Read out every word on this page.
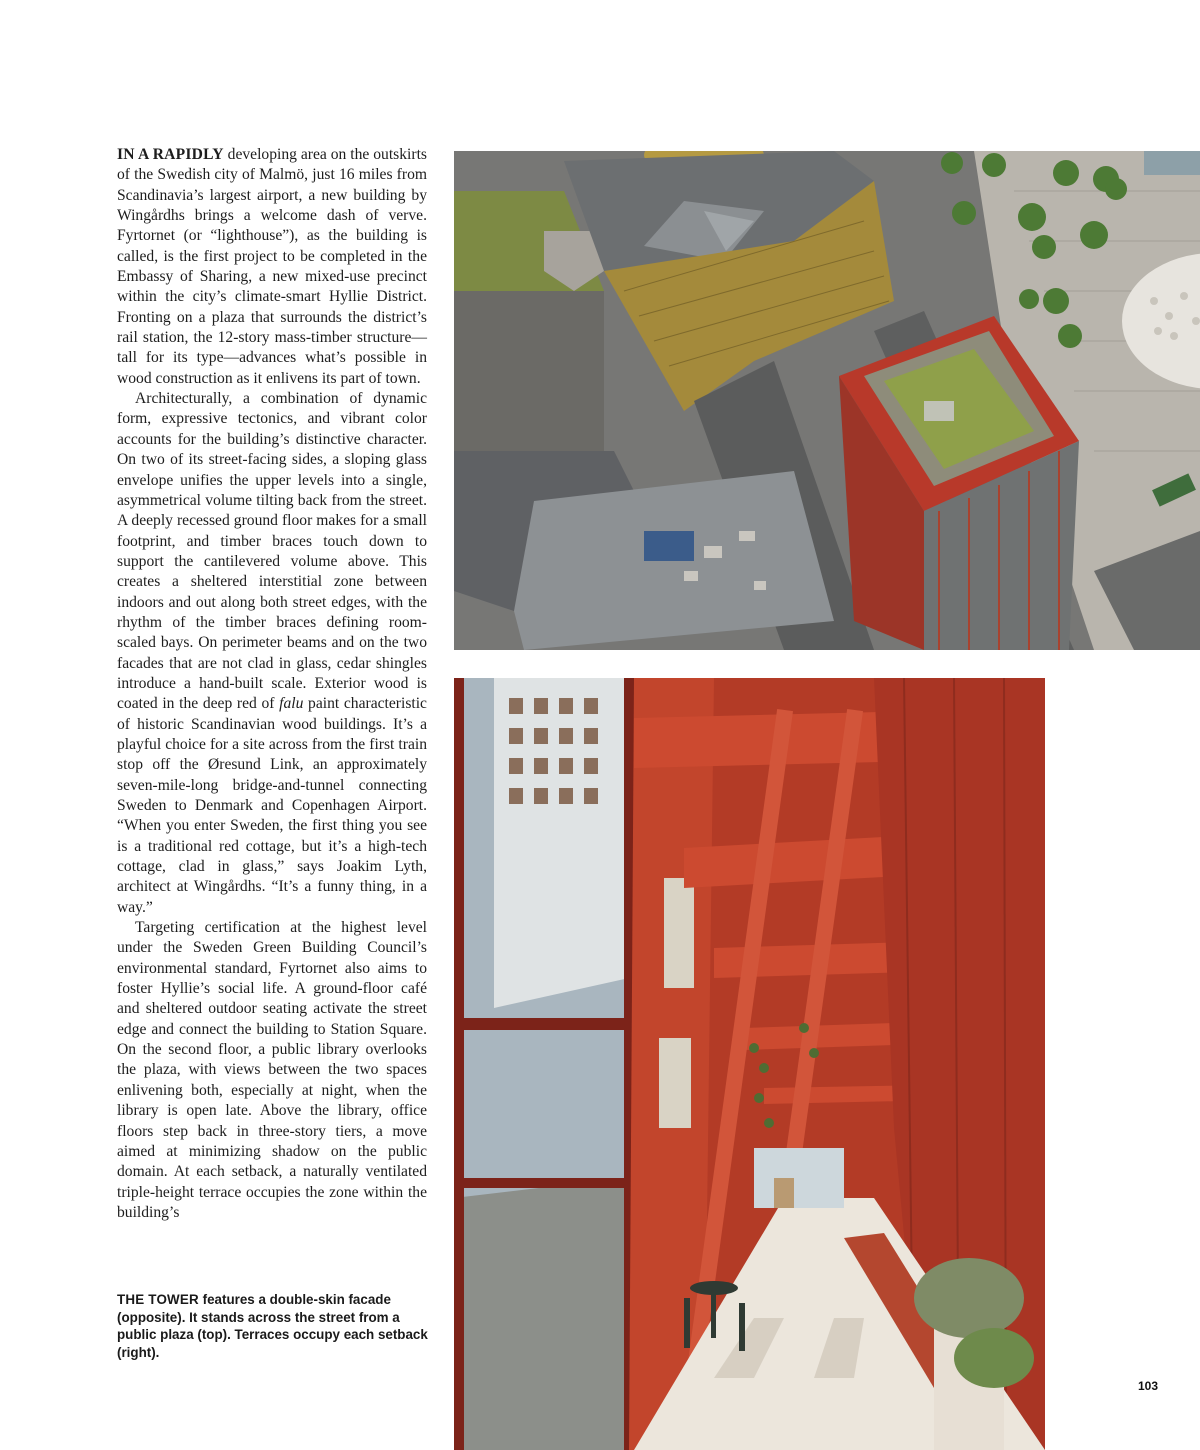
IN A RAPIDLY developing area on the outskirts of the Swedish city of Malmö, just 16 miles from Scandinavia’s largest airport, a new building by Wingårdhs brings a welcome dash of verve. Fyrtornet (or “lighthouse”), as the building is called, is the first project to be completed in the Embassy of Sharing, a new mixed-use precinct within the city’s climate-smart Hyllie District. Fronting on a plaza that surrounds the district’s rail station, the 12-story mass-timber structure—tall for its type—advances what’s possible in wood construction as it enlivens its part of town.

Architecturally, a combination of dynamic form, expressive tectonics, and vibrant color accounts for the building’s distinctive character. On two of its street-facing sides, a sloping glass envelope unifies the upper levels into a single, asymmetrical volume tilting back from the street. A deeply recessed ground floor makes for a small footprint, and timber braces touch down to support the cantilevered volume above. This creates a sheltered interstitial zone between indoors and out along both street edges, with the rhythm of the timber braces defining room-scaled bays. On perimeter beams and on the two facades that are not clad in glass, cedar shingles introduce a hand-built scale. Exterior wood is coated in the deep red of falu paint characteristic of historic Scandinavian wood buildings. It’s a playful choice for a site across from the first train stop off the Øresund Link, an approximately seven-mile-long bridge-and-tunnel connecting Sweden to Denmark and Copenhagen Airport. “When you enter Sweden, the first thing you see is a traditional red cottage, but it’s a high-tech cottage, clad in glass,” says Joakim Lyth, architect at Wingårdhs. “It’s a funny thing, in a way.”

Targeting certification at the highest level under the Sweden Green Building Council’s environmental standard, Fyrtornet also aims to foster Hyllie’s social life. A ground-floor café and sheltered outdoor seating activate the street edge and connect the building to Station Square. On the second floor, a public library overlooks the plaza, with views between the two spaces enlivening both, especially at night, when the library is open late. Above the library, office floors step back in three-story tiers, a move aimed at minimizing shadow on the public domain. At each setback, a naturally ventilated triple-height terrace occupies the zone within the building’s

THE TOWER features a double-skin facade (opposite). It stands across the street from a public plaza (top). Terraces occupy each setback (right).
103
